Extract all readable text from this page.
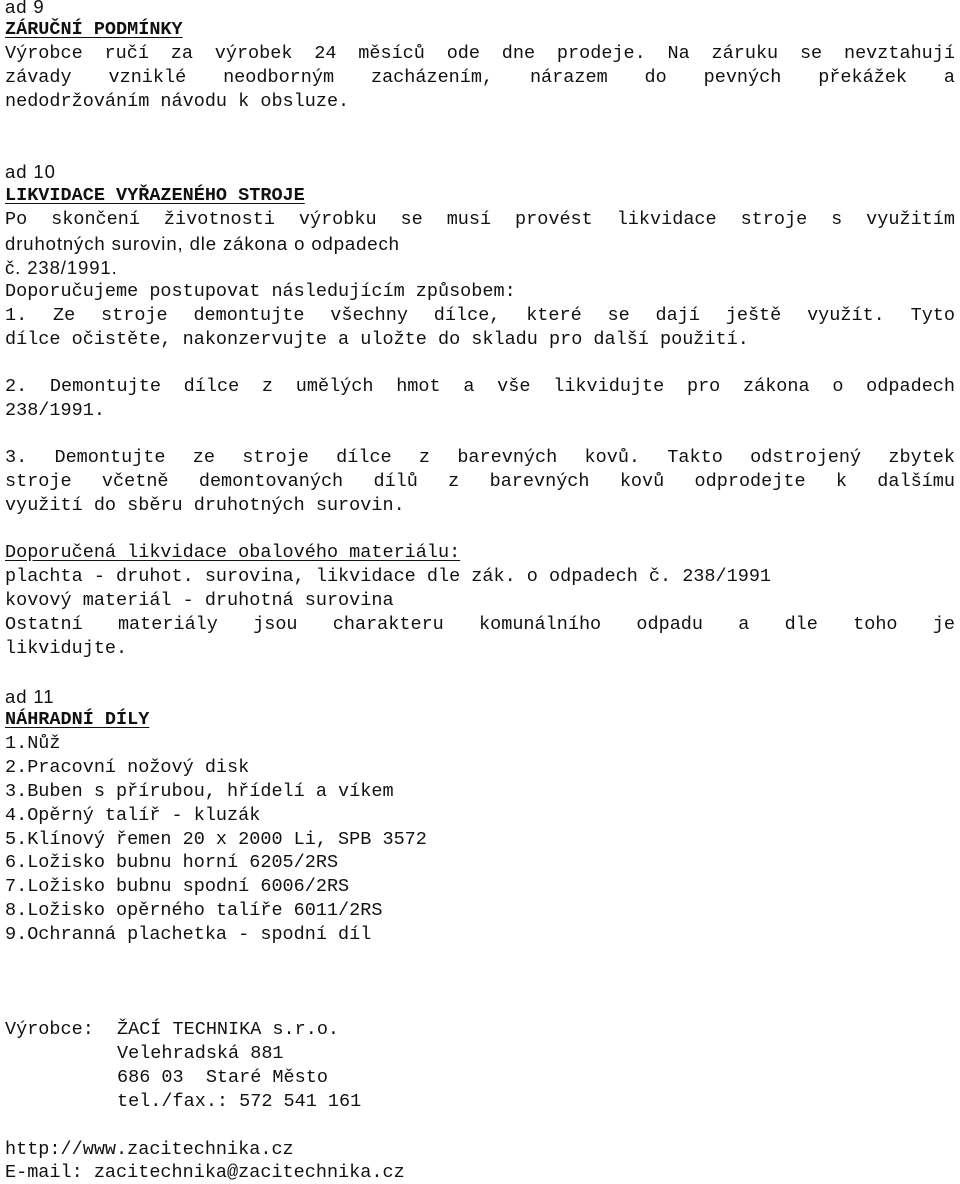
ad 9
ZÁRUČNÍ PODMÍNKY
Výrobce ručí za výrobek 24 měsíců ode dne prodeje. Na záruku se nevztahují
závady vzniklé neodborným zacházením, nárazem do pevných překážek a
nedodržováním návodu k obsluze.
ad 10
LIKVIDACE VYŘAZENÉHO STROJE
Po skončení životnosti výrobku se musí provést likvidace stroje s využitím
druhotných surovin, dle zákona o odpadech
č. 238/1991.
Doporučujeme postupovat následujícím způsobem:
1. Ze stroje demontujte všechny dílce, které se dají ještě využít. Tyto
dílce očistěte, nakonzervujte a uložte do skladu pro další použití.
2. Demontujte dílce z umělých hmot a vše likvidujte pro zákona o odpadech
238/1991.
3. Demontujte ze stroje dílce z barevných kovů. Takto odstrojený zbytek
stroje včetně demontovaných dílů z barevných kovů odprodejte k dalšímu
využití do sběru druhotných surovin.
Doporučená likvidace obalového materiálu:
plachta - druhot. surovina, likvidace dle zák. o odpadech č. 238/1991
kovový materiál - druhotná surovina
Ostatní materiály jsou charakteru komunálního odpadu a dle toho je
likvidujte.
ad 11
NÁHRADNÍ DÍLY
1.Nůž
2.Pracovní nožový disk
3.Buben s přírubou, hřídelí a víkem
4.Opěrný talíř - kluzák
5.Klínový řemen 20 x 2000 Li, SPB 3572
6.Ložisko bubnu horní 6205/2RS
7.Ložisko bubnu spodní 6006/2RS
8.Ložisko opěrného talíře 6011/2RS
9.Ochranná plachetka - spodní díl
Výrobce: ŽACÍ TECHNIKA s.r.o.
Velehradská 881
686 03  Staré Město
tel./fax.: 572 541 161
http://www.zacitechnika.cz
E-mail: zacitechnika@zacitechnika.cz
